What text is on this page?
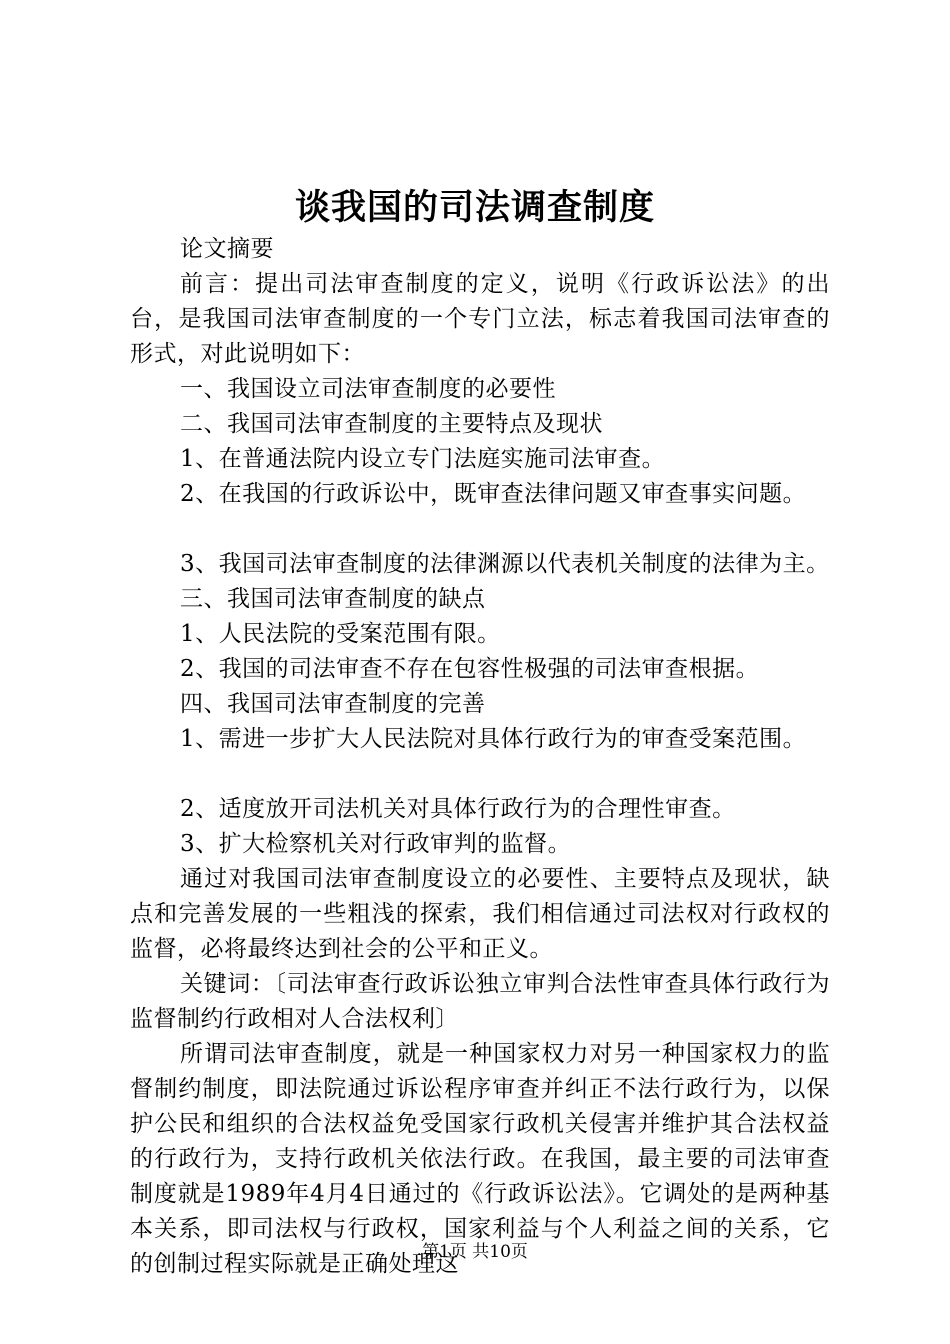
谈我国的司法调查制度

论文摘要

前言：提出司法审查制度的定义，说明《行政诉讼法》的出台，是我国司法审查制度的一个专门立法，标志着我国司法审查的形式，对此说明如下：

一、我国设立司法审查制度的必要性

二、我国司法审查制度的主要特点及现状

1、在普通法院内设立专门法庭实施司法审查。

2、在我国的行政诉讼中，既审查法律问题又审查事实问题。

3、我国司法审查制度的法律渊源以代表机关制度的法律为主。

三、我国司法审查制度的缺点

1、人民法院的受案范围有限。

2、我国的司法审查不存在包容性极强的司法审查根据。

四、我国司法审查制度的完善

1、需进一步扩大人民法院对具体行政行为的审查受案范围。

2、适度放开司法机关对具体行政行为的合理性审查。

3、扩大检察机关对行政审判的监督。

通过对我国司法审查制度设立的必要性、主要特点及现状，缺点和完善发展的一些粗浅的探索，我们相信通过司法权对行政权的监督，必将最终达到社会的公平和正义。

关键词：〔司法审查行政诉讼独立审判合法性审查具体行政行为监督制约行政相对人合法权利〕

所谓司法审查制度，就是一种国家权力对另一种国家权力的监督制约制度，即法院通过诉讼程序审查并纠正不法行政行为，以保护公民和组织的合法权益免受国家行政机关侵害并维护其合法权益的行政行为，支持行政机关依法行政。在我国，最主要的司法审查制度就是1989年4月4日通过的《行政诉讼法》。它调处的是两种基本关系，即司法权与行政权，国家利益与个人利益之间的关系，它的创制过程实际就是正确处理这

第1页 共10页
